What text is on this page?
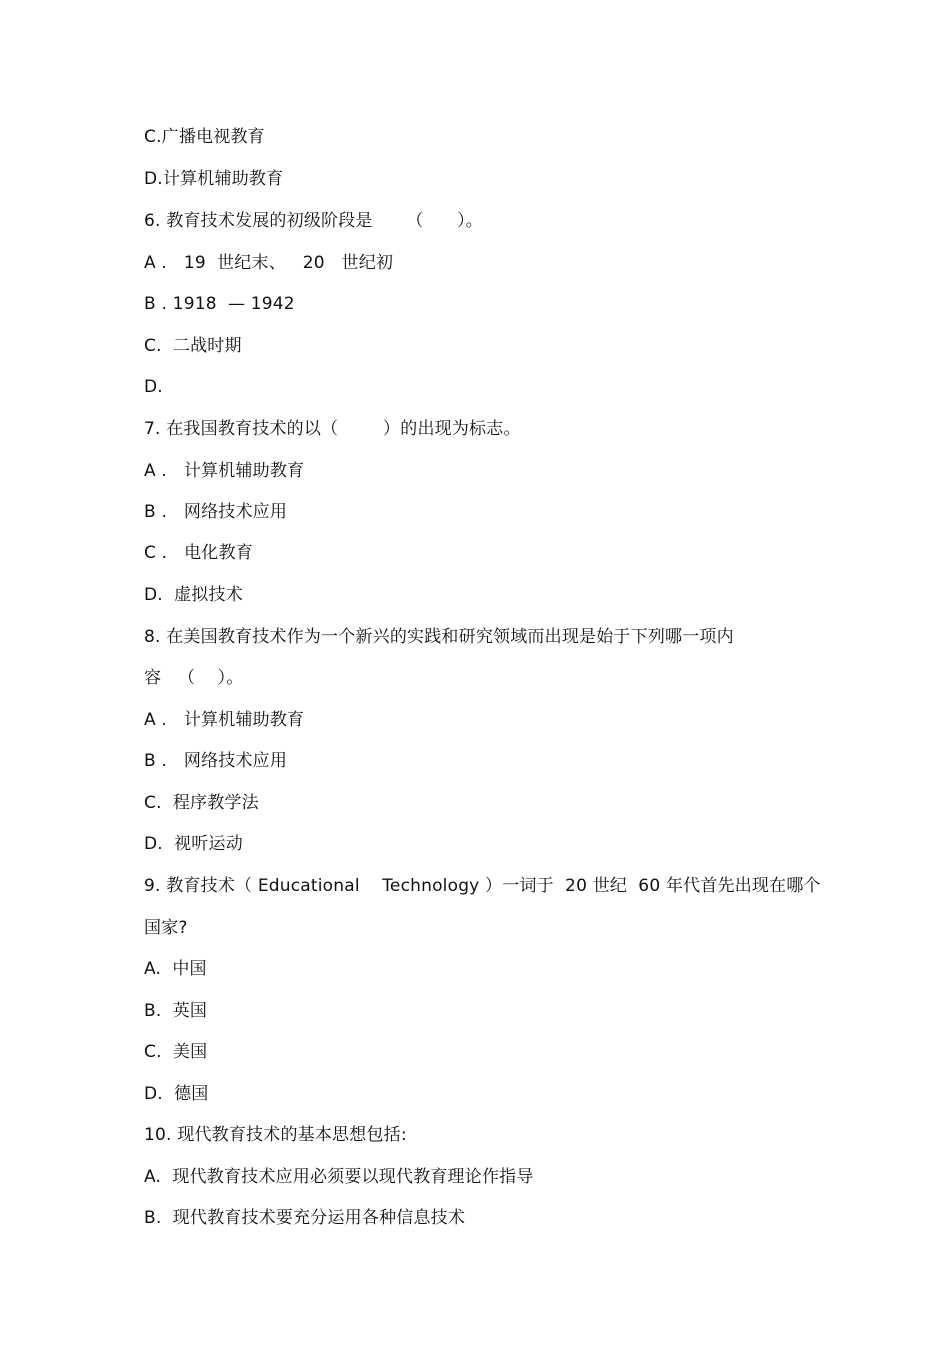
C.广播电视教育
D.计算机辅助教育
6. 教育技术发展的初级阶段是      （      ）。
A .   19  世纪末、   20   世纪初
B . 1918  — 1942
C.  二战时期
D.
7. 在我国教育技术的以（        ）的出现为标志。
A .   计算机辅助教育
B .   网络技术应用
C .   电化教育
D.  虚拟技术
8. 在美国教育技术作为一个新兴的实践和研究领域而出现是始于下列哪一项内
容   （    ）。
A .   计算机辅助教育
B .   网络技术应用
C.  程序教学法
D.  视听运动
9. 教育技术（ Educational    Technology ）一词于  20 世纪  60 年代首先出现在哪个
国家?
A.  中国
B.  英国
C.  美国
D.  德国
10. 现代教育技术的基本思想包括:
A.  现代教育技术应用必须要以现代教育理论作指导
B.  现代教育技术要充分运用各种信息技术
